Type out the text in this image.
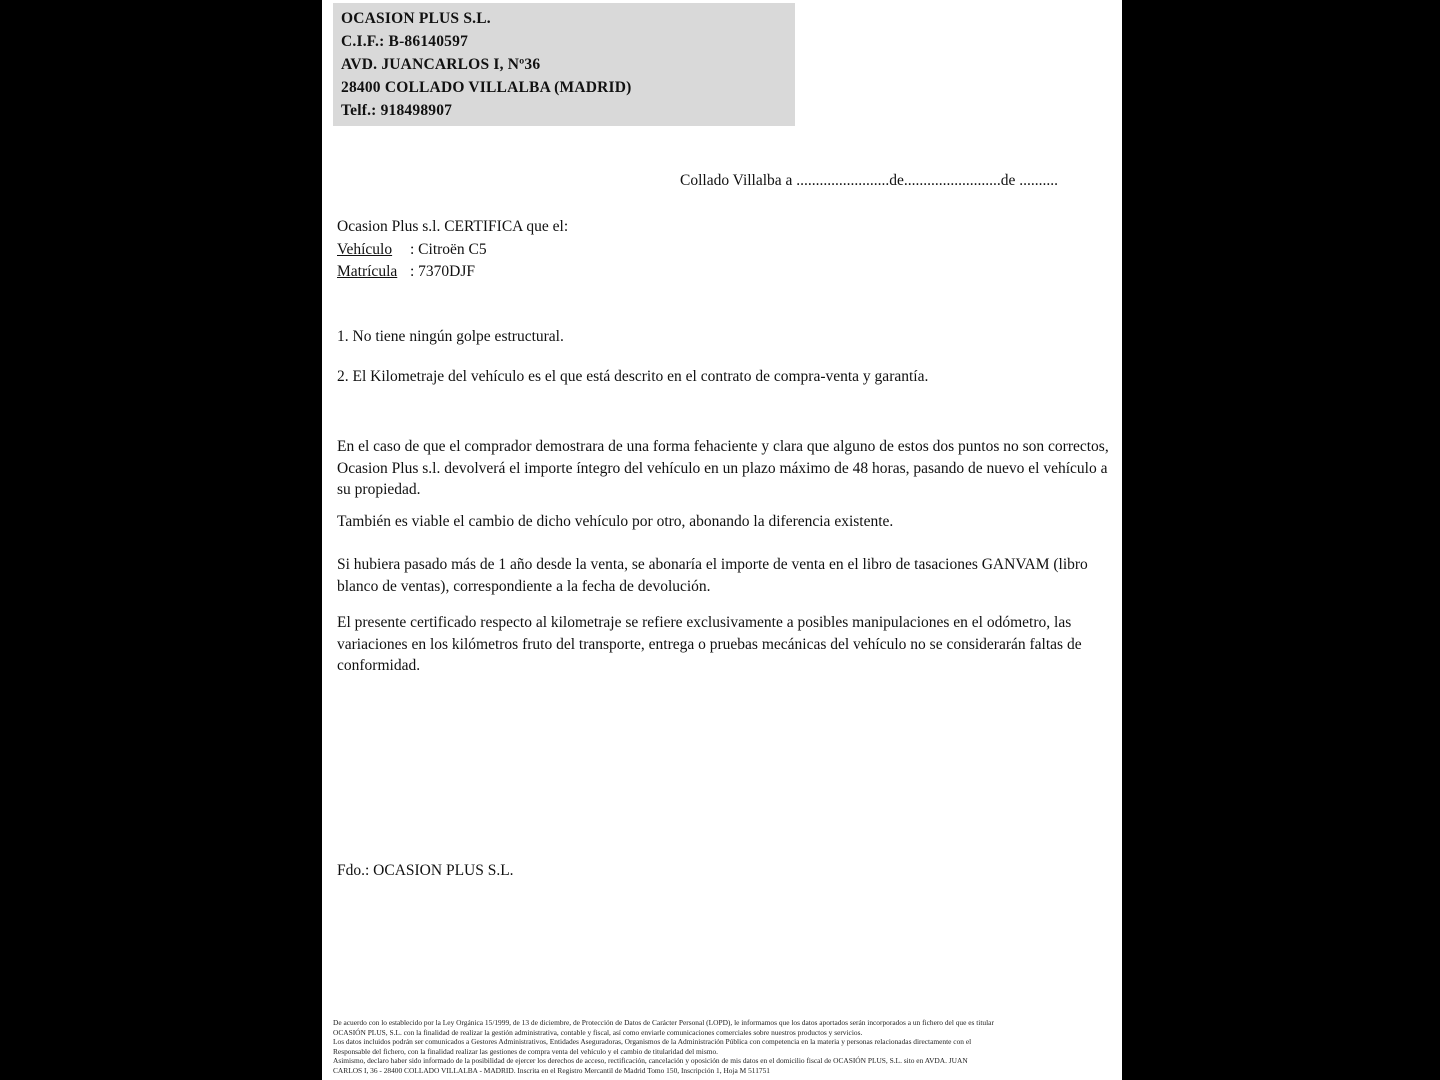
OCASION PLUS S.L.
C.I.F.: B-86140597
AVD. JUANCARLOS I, Nº36
28400 COLLADO VILLALBA (MADRID)
Telf.: 918498907
Collado Villalba a ........................de.........................de ..........
Ocasion Plus s.l. CERTIFICA que el:
Vehículo : Citroën C5
Matrícula : 7370DJF
1. No tiene ningún golpe estructural.
2. El Kilometraje del vehículo es el que está descrito en el contrato de compra-venta y garantía.
En el caso de que el comprador demostrara de una forma fehaciente y clara que alguno de estos dos puntos no son correctos, Ocasion Plus s.l. devolverá el importe íntegro del vehículo en un plazo máximo de 48 horas, pasando de nuevo el vehículo a su propiedad.
También es viable el cambio de dicho vehículo por otro, abonando la diferencia existente.
Si hubiera pasado más de 1 año desde la venta, se abonaría el importe de venta en el libro de tasaciones GANVAM (libro blanco de ventas), correspondiente a la fecha de devolución.
El presente certificado respecto al kilometraje se refiere exclusivamente a posibles manipulaciones en el odómetro, las variaciones en los kilómetros fruto del transporte, entrega o pruebas mecánicas del vehículo no se considerarán faltas de conformidad.
Fdo.: OCASION PLUS S.L.
De acuerdo con lo establecido por la Ley Orgánica 15/1999, de 13 de diciembre, de Protección de Datos de Carácter Personal (LOPD), le informamos que los datos aportados serán incorporados a un fichero del que es titular
OCASIÓN PLUS, S.L. con la finalidad de realizar la gestión administrativa, contable y fiscal, así como enviarle comunicaciones comerciales sobre nuestros productos y servicios.
Los datos incluidos podrán ser comunicados a Gestores Administrativos, Entidades Aseguradoras, Organismos de la Administración Pública con competencia en la materia y personas relacionadas directamente con el
Responsable del fichero, con la finalidad realizar las gestiones de compra venta del vehículo y el cambio de titularidad del mismo.
Asimismo, declaro haber sido informado de la posibilidad de ejercer los derechos de acceso, rectificación, cancelación y oposición de mis datos en el domicilio fiscal de OCASIÓN PLUS, S.L. sito en AVDA. JUAN
CARLOS I, 36 - 28400 COLLADO VILLALBA - MADRID. Inscrita en el Registro Mercantil de Madrid Tomo 150, Inscripción 1, Hoja M 511751
